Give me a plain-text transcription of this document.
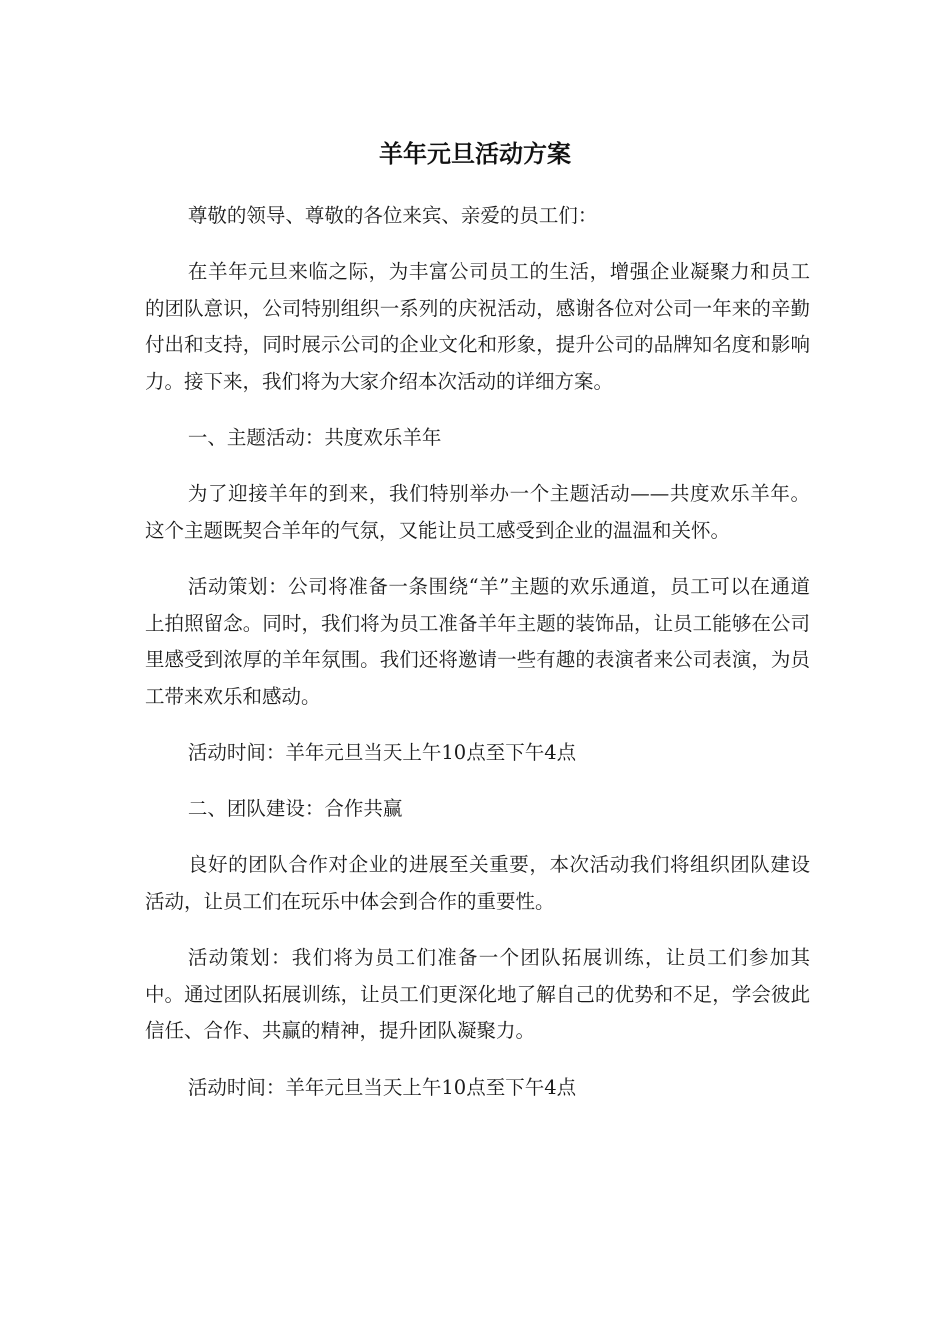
羊年元旦活动方案

尊敬的领导、尊敬的各位来宾、亲爱的员工们：

在羊年元旦来临之际，为丰富公司员工的生活，增强企业凝聚力和员工的团队意识，公司特别组织一系列的庆祝活动，感谢各位对公司一年来的辛勤付出和支持，同时展示公司的企业文化和形象，提升公司的品牌知名度和影响力。接下来，我们将为大家介绍本次活动的详细方案。

一、主题活动：共度欢乐羊年

为了迎接羊年的到来，我们特别举办一个主题活动——共度欢乐羊年。这个主题既契合羊年的气氛，又能让员工感受到企业的温温和关怀。

活动策划：公司将准备一条围绕“羊”主题的欢乐通道，员工可以在通道上拍照留念。同时，我们将为员工准备羊年主题的装饰品，让员工能够在公司里感受到浓厚的羊年氛围。我们还将邀请一些有趣的表演者来公司表演，为员工带来欢乐和感动。

活动时间：羊年元旦当天上午10点至下午4点

二、团队建设：合作共赢

良好的团队合作对企业的进展至关重要，本次活动我们将组织团队建设活动，让员工们在玩乐中体会到合作的重要性。

活动策划：我们将为员工们准备一个团队拓展训练，让员工们参加其中。通过团队拓展训练，让员工们更深化地了解自己的优势和不足，学会彼此信任、合作、共赢的精神，提升团队凝聚力。

活动时间：羊年元旦当天上午10点至下午4点
